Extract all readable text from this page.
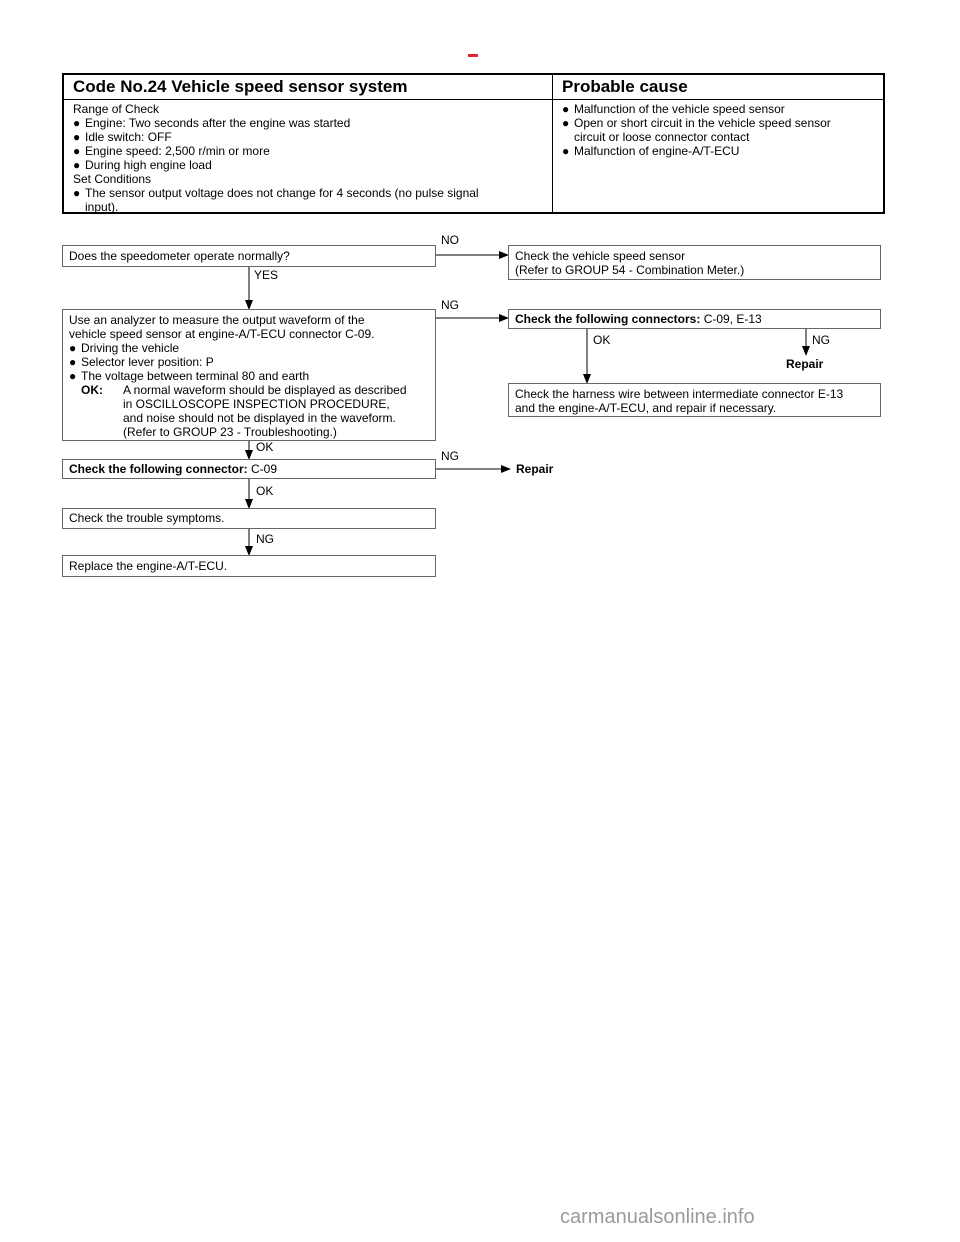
Code No.24 Vehicle speed sensor system	Probable cause
Range of Check
● Engine: Two seconds after the engine was started
● Idle switch: OFF
● Engine speed: 2,500 r/min or more
● During high engine load
Set Conditions
● The sensor output voltage does not change for 4 seconds (no pulse signal
input).
● Malfunction of the vehicle speed sensor
● Open or short circuit in the vehicle speed sensor
circuit or loose connector contact
● Malfunction of engine-A/T-ECU
Does the speedometer operate normally?	Check the vehicle speed sensor
(Refer to GROUP 54 - Combination Meter.)
Use an analyzer to measure the output waveform of the
vehicle speed sensor at engine-A/T-ECU connector C-09.
● Driving the vehicle
● Selector lever position: P
● The voltage between terminal 80 and earth
OK:	A normal waveform should be displayed as described
in OSCILLOSCOPE INSPECTION PROCEDURE,
and noise should not be displayed in the waveform.
(Refer to GROUP 23 - Troubleshooting.)
Check the following connectors: C-09, E-13
Check the harness wire between intermediate connector E-13
and the engine-A/T-ECU, and repair if necessary.
Check the following connector: C-09
Check the trouble symptoms.
Replace the engine-A/T-ECU.
NO
YES
NG
OK	NG
Repair
OK
NG
Repair
OK
NG
carmanualsonline.info
